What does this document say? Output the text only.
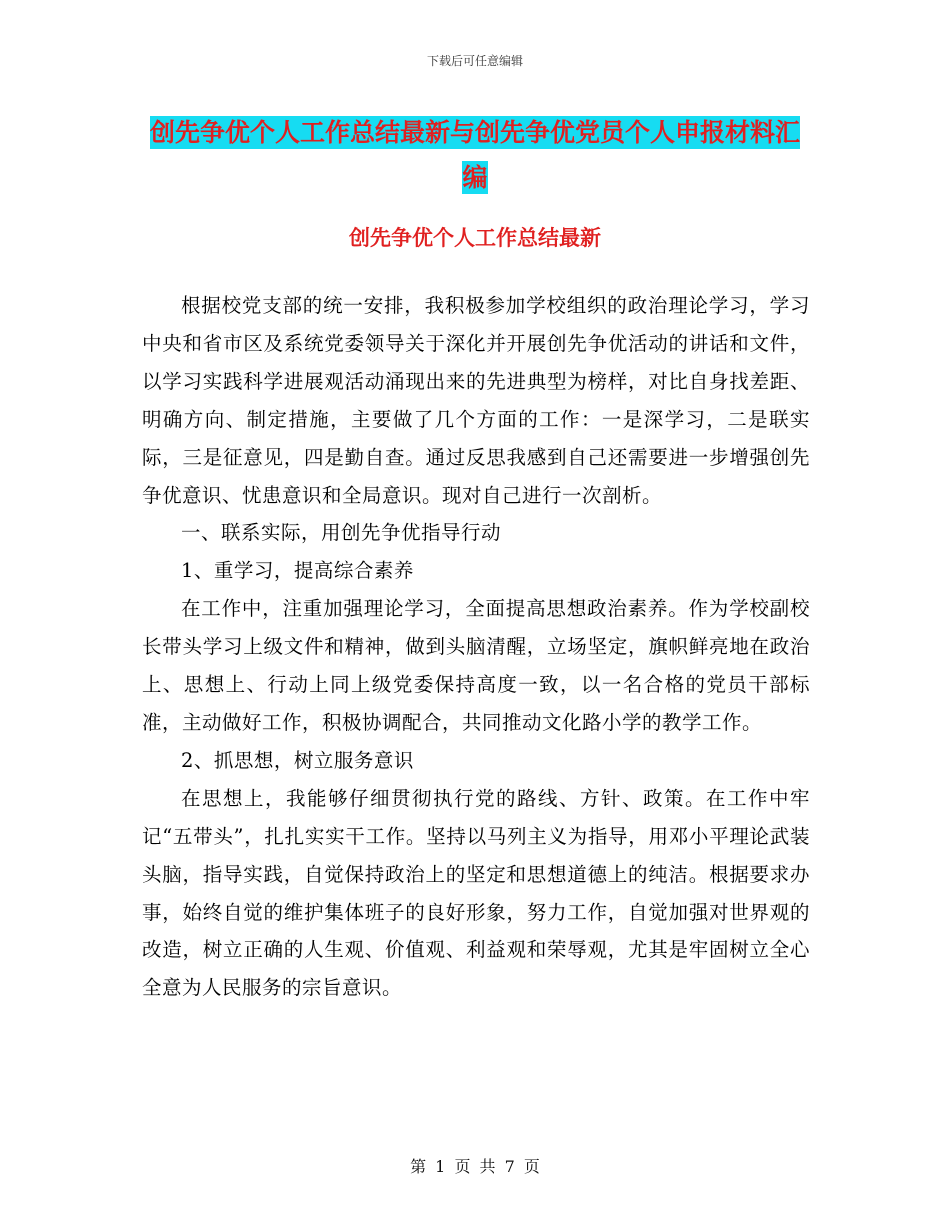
下载后可任意编辑
创先争优个人工作总结最新与创先争优党员个人申报材料汇编
创先争优个人工作总结最新

根据校党支部的统一安排，我积极参加学校组织的政治理论学习，学习中央和省市区及系统党委领导关于深化并开展创先争优活动的讲话和文件，以学习实践科学进展观活动涌现出来的先进典型为榜样，对比自身找差距、明确方向、制定措施，主要做了几个方面的工作：一是深学习，二是联实际，三是征意见，四是勤自查。通过反思我感到自己还需要进一步增强创先争优意识、忧患意识和全局意识。现对自己进行一次剖析。

一、联系实际，用创先争优指导行动

1、重学习，提高综合素养

在工作中，注重加强理论学习，全面提高思想政治素养。作为学校副校长带头学习上级文件和精神，做到头脑清醒，立场坚定，旗帜鲜亮地在政治上、思想上、行动上同上级党委保持高度一致，以一名合格的党员干部标准，主动做好工作，积极协调配合，共同推动文化路小学的教学工作。

2、抓思想，树立服务意识

在思想上，我能够仔细贯彻执行党的路线、方针、政策。在工作中牢记“五带头”，扎扎实实干工作。坚持以马列主义为指导，用邓小平理论武装头脑，指导实践，自觉保持政治上的坚定和思想道德上的纯洁。根据要求办事，始终自觉的维护集体班子的良好形象，努力工作，自觉加强对世界观的改造，树立正确的人生观、价值观、利益观和荣辱观，尤其是牢固树立全心全意为人民服务的宗旨意识。

第 1 页 共 7 页
